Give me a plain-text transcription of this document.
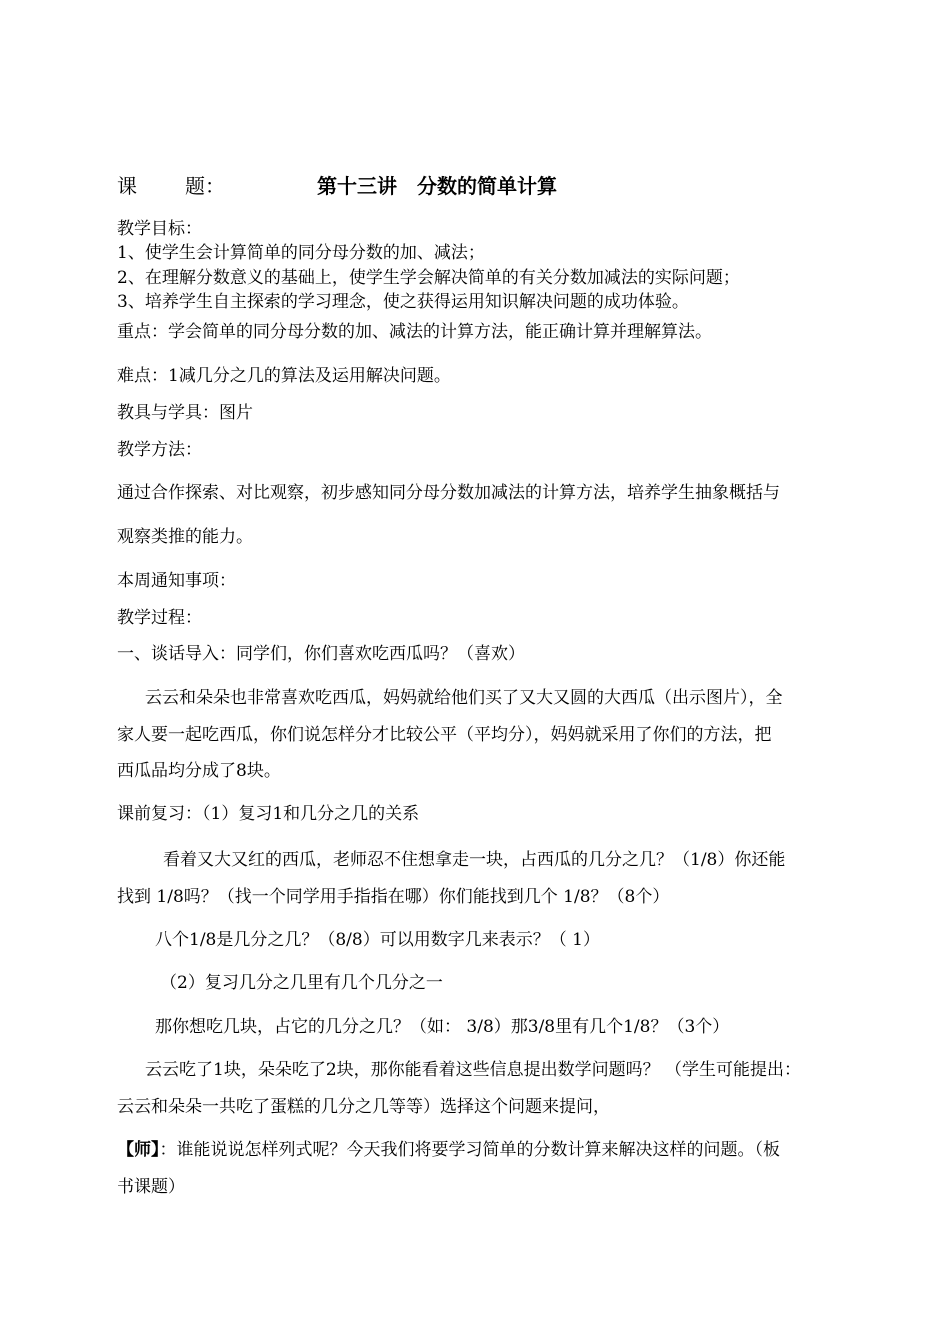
课 题：	第十三讲　分数的简单计算
教学目标：
1、使学生会计算简单的同分母分数的加、减法；
2、在理解分数意义的基础上，使学生学会解决简单的有关分数加减法的实际问题；
3、培养学生自主探索的学习理念，使之获得运用知识解决问题的成功体验。
重点：学会简单的同分母分数的加、减法的计算方法，能正确计算并理解算法。
难点：1减几分之几的算法及运用解决问题。
教具与学具：图片
教学方法：
通过合作探索、对比观察，初步感知同分母分数加减法的计算方法，培养学生抽象概括与
观察类推的能力。
本周通知事项：
教学过程：
一、谈话导入：同学们，你们喜欢吃西瓜吗？（喜欢）
云云和朵朵也非常喜欢吃西瓜，妈妈就给他们买了又大又圆的大西瓜（出示图片），全
家人要一起吃西瓜，你们说怎样分才比较公平（平均分），妈妈就采用了你们的方法，把
西瓜品均分成了8块。
课前复习：（1）复习1和几分之几的关系
看着又大又红的西瓜，老师忍不住想拿走一块，占西瓜的几分之几？（1/8）你还能
找到 1/8吗？（找一个同学用手指指在哪）你们能找到几个 1/8？（8个）
八个1/8是几分之几？（8/8）可以用数字几来表示？（ 1）
（2）复习几分之几里有几个几分之一
那你想吃几块，占它的几分之几？（如： 3/8）那3/8里有几个1/8？（3个）
云云吃了1块，朵朵吃了2块，那你能看着这些信息提出数学问题吗？ （学生可能提出：
云云和朵朵一共吃了蛋糕的几分之几等等）选择这个问题来提问，
【师】：谁能说说怎样列式呢？今天我们将要学习简单的分数计算来解决这样的问题。（板
书课题）
